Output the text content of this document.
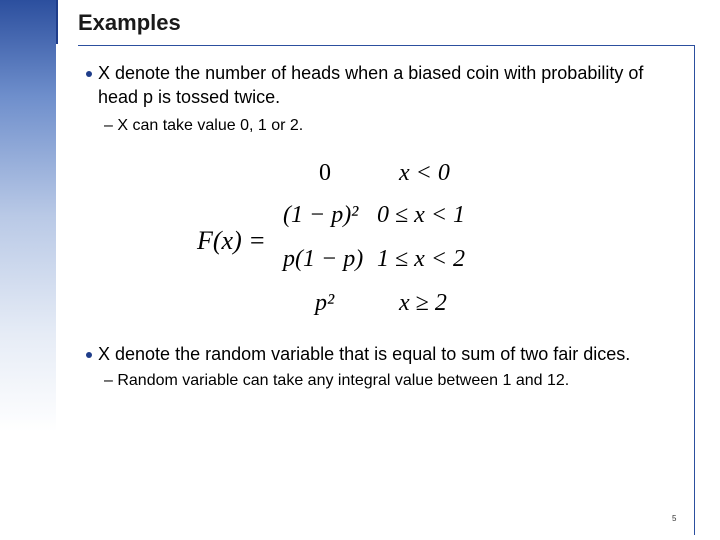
Examples
X denote the number of heads when a biased coin with probability of head p is tossed twice.
– X can take value 0, 1 or 2.
F(x) =
0	x < 0
(1 − p)² 0 ≤ x < 1
p(1 − p) 1 ≤ x < 2
p²	x ≥ 2
X denote the random variable that is equal to sum of two fair dices.
– Random variable can take any integral value between 1 and 12.
5
